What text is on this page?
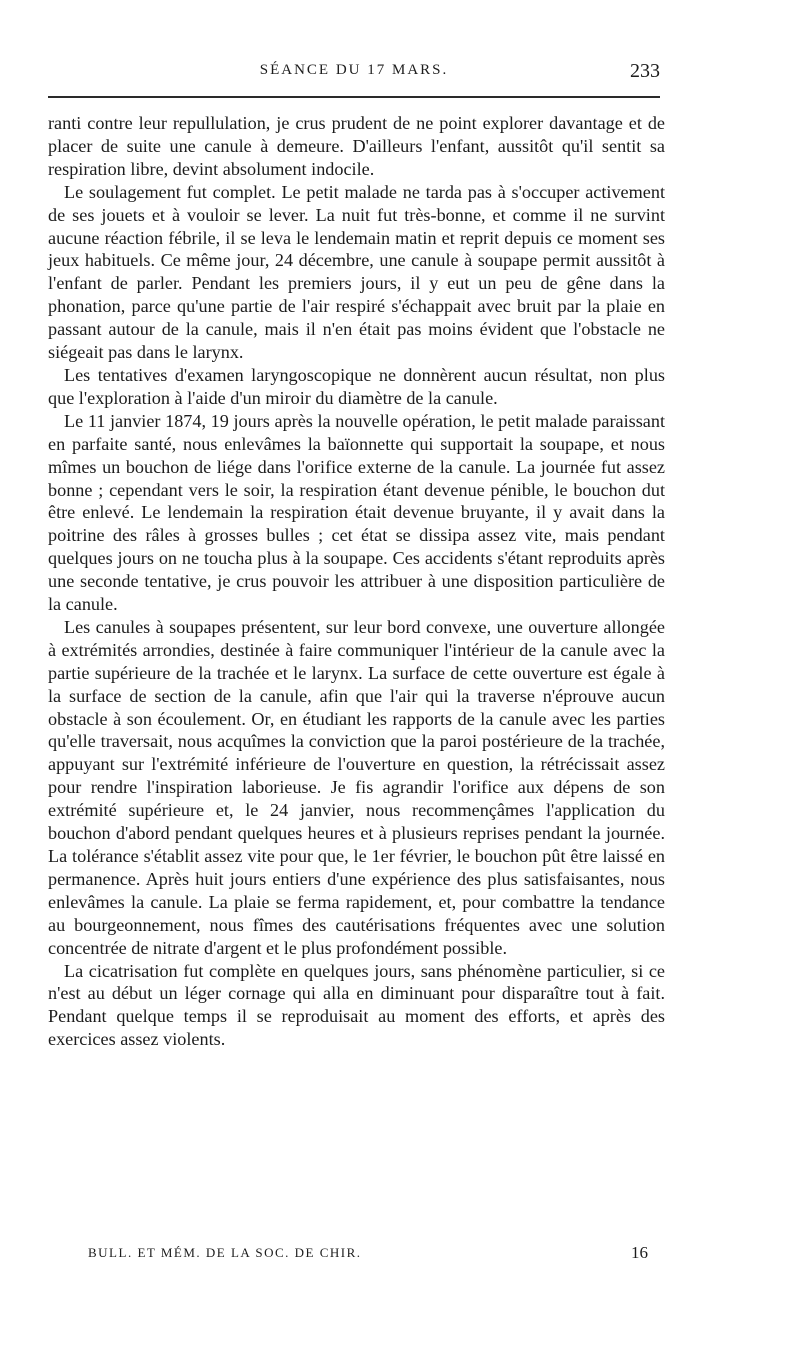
SÉANCE DU 17 MARS.	233

ranti contre leur repullulation, je crus prudent de ne point explorer davantage et de placer de suite une canule à demeure. D'ailleurs l'enfant, aussitôt qu'il sentit sa respiration libre, devint absolument indocile.

Le soulagement fut complet. Le petit malade ne tarda pas à s'occuper activement de ses jouets et à vouloir se lever. La nuit fut très-bonne, et comme il ne survint aucune réaction fébrile, il se leva le lendemain matin et reprit depuis ce moment ses jeux habituels. Ce même jour, 24 décembre, une canule à soupape permit aussitôt à l'enfant de parler. Pendant les premiers jours, il y eut un peu de gêne dans la phonation, parce qu'une partie de l'air respiré s'échappait avec bruit par la plaie en passant autour de la canule, mais il n'en était pas moins évident que l'obstacle ne siégeait pas dans le larynx.

Les tentatives d'examen laryngoscopique ne donnèrent aucun résultat, non plus que l'exploration à l'aide d'un miroir du diamètre de la canule.

Le 11 janvier 1874, 19 jours après la nouvelle opération, le petit malade paraissant en parfaite santé, nous enlevâmes la baïonnette qui supportait la soupape, et nous mîmes un bouchon de liége dans l'orifice externe de la canule. La journée fut assez bonne ; cependant vers le soir, la respiration étant devenue pénible, le bouchon dut être enlevé. Le lendemain la respiration était devenue bruyante, il y avait dans la poitrine des râles à grosses bulles ; cet état se dissipa assez vite, mais pendant quelques jours on ne toucha plus à la soupape. Ces accidents s'étant reproduits après une seconde tentative, je crus pouvoir les attribuer à une disposition particulière de la canule.

Les canules à soupapes présentent, sur leur bord convexe, une ouverture allongée à extrémités arrondies, destinée à faire communiquer l'intérieur de la canule avec la partie supérieure de la trachée et le larynx. La surface de cette ouverture est égale à la surface de section de la canule, afin que l'air qui la traverse n'éprouve aucun obstacle à son écoulement. Or, en étudiant les rapports de la canule avec les parties qu'elle traversait, nous acquîmes la conviction que la paroi postérieure de la trachée, appuyant sur l'extrémité inférieure de l'ouverture en question, la rétrécissait assez pour rendre l'inspiration laborieuse. Je fis agrandir l'orifice aux dépens de son extrémité supérieure et, le 24 janvier, nous recommençâmes l'application du bouchon d'abord pendant quelques heures et à plusieurs reprises pendant la journée. La tolérance s'établit assez vite pour que, le 1er février, le bouchon pût être laissé en permanence. Après huit jours entiers d'une expérience des plus satisfaisantes, nous enlevâmes la canule. La plaie se ferma rapidement, et, pour combattre la tendance au bourgeonnement, nous fîmes des cautérisations fréquentes avec une solution concentrée de nitrate d'argent et le plus profondément possible.

La cicatrisation fut complète en quelques jours, sans phénomène particulier, si ce n'est au début un léger cornage qui alla en diminuant pour disparaître tout à fait. Pendant quelque temps il se reproduisait au moment des efforts, et après des exercices assez violents.

BULL. ET MÉM. DE LA SOC. DE CHIR.	16
